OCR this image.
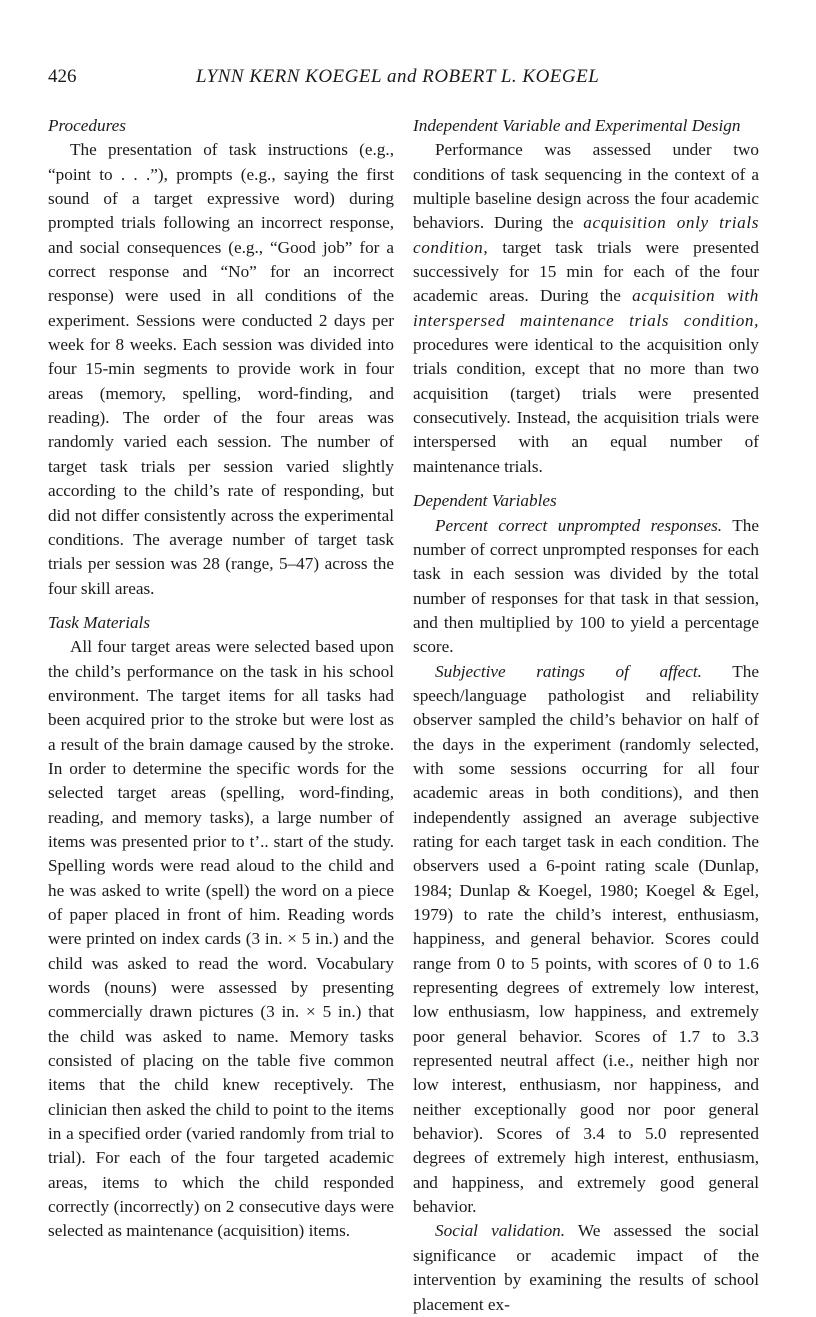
426	LYNN KERN KOEGEL and ROBERT L. KOEGEL

Procedures

The presentation of task instructions (e.g., “point to . . .”), prompts (e.g., saying the first sound of a target expressive word) during prompted trials following an incorrect response, and social consequences (e.g., “Good job” for a correct response and “No” for an incorrect response) were used in all conditions of the experiment. Sessions were conducted 2 days per week for 8 weeks. Each session was divided into four 15-min segments to provide work in four areas (memory, spelling, word-finding, and reading). The order of the four areas was randomly varied each session. The number of target task trials per session varied slightly according to the child’s rate of responding, but did not differ consistently across the experimental conditions. The average number of target task trials per session was 28 (range, 5–47) across the four skill areas.

Task Materials

All four target areas were selected based upon the child’s performance on the task in his school environment. The target items for all tasks had been acquired prior to the stroke but were lost as a result of the brain damage caused by the stroke. In order to determine the specific words for the selected target areas (spelling, word-finding, reading, and memory tasks), a large number of items was presented prior to t’.. start of the study. Spelling words were read aloud to the child and he was asked to write (spell) the word on a piece of paper placed in front of him. Reading words were printed on index cards (3 in. × 5 in.) and the child was asked to read the word. Vocabulary words (nouns) were assessed by presenting commercially drawn pictures (3 in. × 5 in.) that the child was asked to name. Memory tasks consisted of placing on the table five common items that the child knew receptively. The clinician then asked the child to point to the items in a specified order (varied randomly from trial to trial). For each of the four targeted academic areas, items to which the child responded correctly (incorrectly) on 2 consecutive days were selected as maintenance (acquisition) items.

Independent Variable and Experimental Design

Performance was assessed under two conditions of task sequencing in the context of a multiple baseline design across the four academic behaviors. During the acquisition only trials condition, target task trials were presented successively for 15 min for each of the four academic areas. During the acquisition with interspersed maintenance trials condition, procedures were identical to the acquisition only trials condition, except that no more than two acquisition (target) trials were presented consecutively. Instead, the acquisition trials were interspersed with an equal number of maintenance trials.

Dependent Variables

Percent correct unprompted responses. The number of correct unprompted responses for each task in each session was divided by the total number of responses for that task in that session, and then multiplied by 100 to yield a percentage score.

Subjective ratings of affect. The speech/language pathologist and reliability observer sampled the child’s behavior on half of the days in the experiment (randomly selected, with some sessions occurring for all four academic areas in both conditions), and then independently assigned an average subjective rating for each target task in each condition. The observers used a 6-point rating scale (Dunlap, 1984; Dunlap & Koegel, 1980; Koegel & Egel, 1979) to rate the child’s interest, enthusiasm, happiness, and general behavior. Scores could range from 0 to 5 points, with scores of 0 to 1.6 representing degrees of extremely low interest, low enthusiasm, low happiness, and extremely poor general behavior. Scores of 1.7 to 3.3 represented neutral affect (i.e., neither high nor low interest, enthusiasm, nor happiness, and neither exceptionally good nor poor general behavior). Scores of 3.4 to 5.0 represented degrees of extremely high interest, enthusiasm, and happiness, and extremely good general behavior.

Social validation. We assessed the social significance or academic impact of the intervention by examining the results of school placement ex-
